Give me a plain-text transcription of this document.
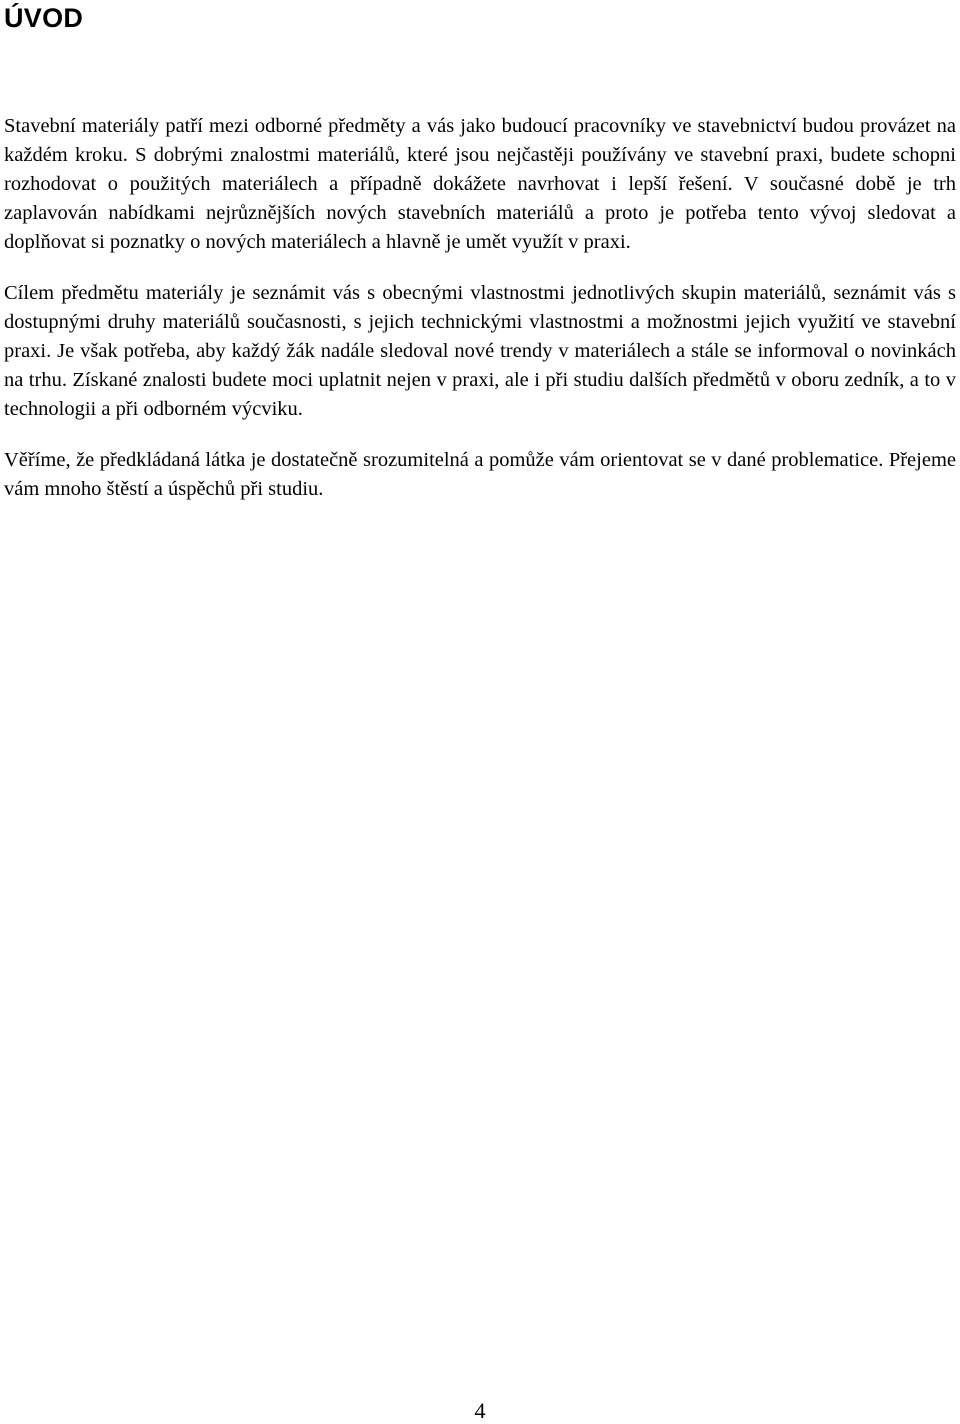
ÚVOD

Stavební materiály patří mezi odborné předměty a vás jako budoucí pracovníky ve stavebnictví budou provázet na každém kroku. S dobrými znalostmi materiálů, které jsou nejčastěji používány ve stavební praxi, budete schopni rozhodovat o použitých materiálech a případně dokážete navrhovat i lepší řešení. V současné době je trh zaplavován nabídkami nejrůznějších nových stavebních materiálů a proto je potřeba tento vývoj sledovat a doplňovat si poznatky o nových materiálech a hlavně je umět využít v praxi.

Cílem předmětu materiály je seznámit vás s obecnými vlastnostmi jednotlivých skupin materiálů, seznámit vás s dostupnými druhy materiálů současnosti, s jejich technickými vlastnostmi a možnostmi jejich využití ve stavební praxi. Je však potřeba, aby každý žák nadále sledoval nové trendy v materiálech a stále se informoval o novinkách na trhu. Získané znalosti budete moci uplatnit nejen v praxi, ale i při studiu dalších předmětů v oboru zedník, a to v technologii a při odborném výcviku.

Věříme, že předkládaná látka je dostatečně srozumitelná a pomůže vám orientovat se v dané problematice. Přejeme vám mnoho štěstí a úspěchů při studiu.

4
